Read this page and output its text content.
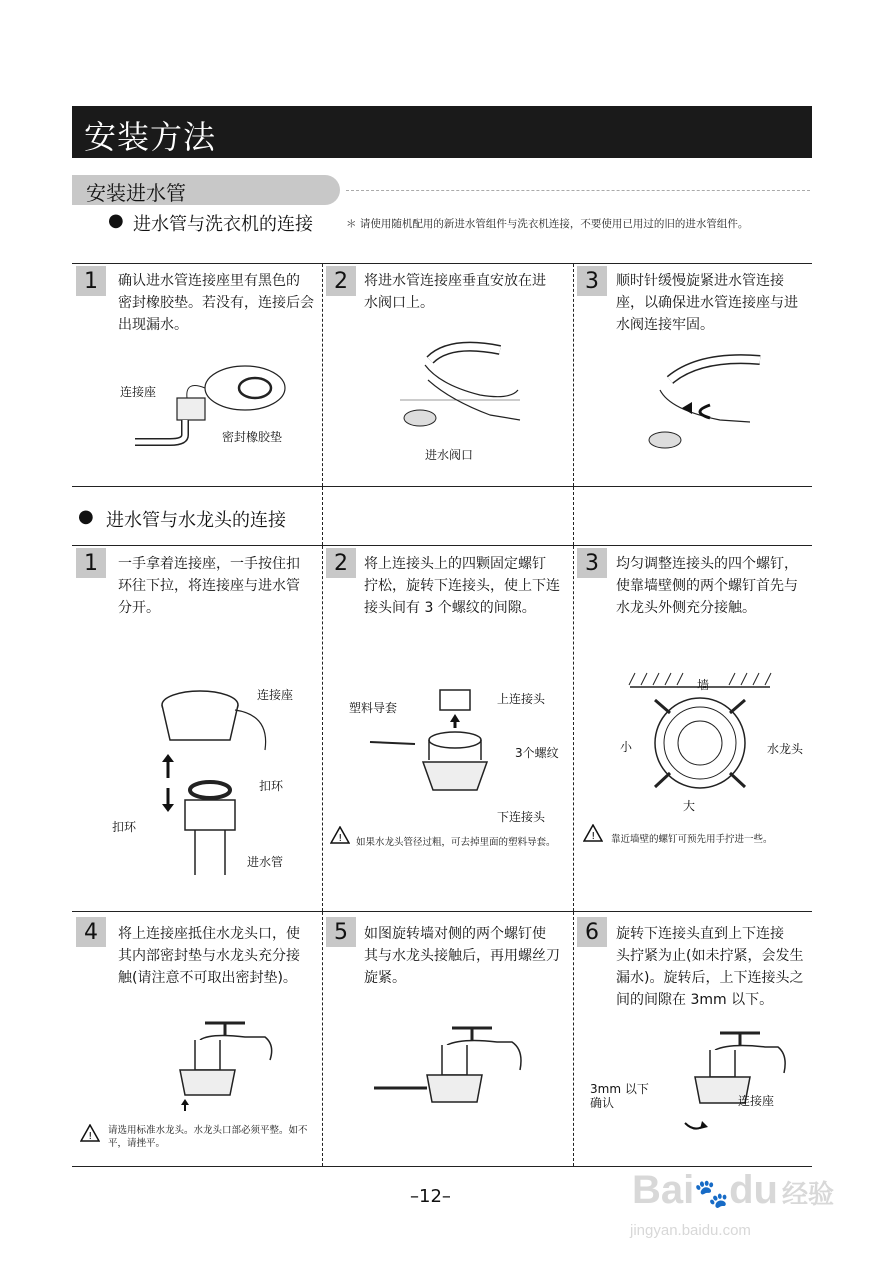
安装方法
安装进水管
● 进水管与洗衣机的连接	＊ 请使用随机配用的新进水管组件与洗衣机连接，不要使用已用过的旧的进水管组件。
1	确认进水管连接座里有黑色的
密封橡胶垫。若没有，连接后会
出现漏水。
连接座
密封橡胶垫
2	将进水管连接座垂直安放在进
水阀口上。
进水阀口
3	顺时针缓慢旋紧进水管连接
座，以确保进水管连接座与进
水阀连接牢固。
● 进水管与水龙头的连接
1	一手拿着连接座，一手按住扣
环往下拉，将连接座与进水管
分开。
连接座
扣环
扣环
进水管
2	将上连接头上的四颗固定螺钉
拧松，旋转下连接头，使上下连
接头间有 3 个螺纹的间隙。
塑料导套
上连接头
3个螺纹
下连接头
! 如果水龙头管径过粗，可去掉里面的塑料导套。
3	均匀调整连接头的四个螺钉，
使靠墙壁侧的两个螺钉首先与
水龙头外侧充分接触。
墙
小	水龙头
大
! 靠近墙壁的螺钉可预先用手拧进一些。
4	将上连接座抵住水龙头口，使
其内部密封垫与水龙头充分接
触(请注意不可取出密封垫)。
!
请选用标准水龙头。水龙头口部必须平整。如不
平，请挫平。
5	如图旋转墙对侧的两个螺钉使
其与水龙头接触后，再用螺丝刀
旋紧。
6	旋转下连接头直到上下连接
头拧紧为止(如未拧紧，会发生
漏水)。旋转后，上下连接头之
间的间隙在 3mm 以下。
3mm 以下
确认	连接座
–12–	Bai🐾du 经验
jingyan.baidu.com
